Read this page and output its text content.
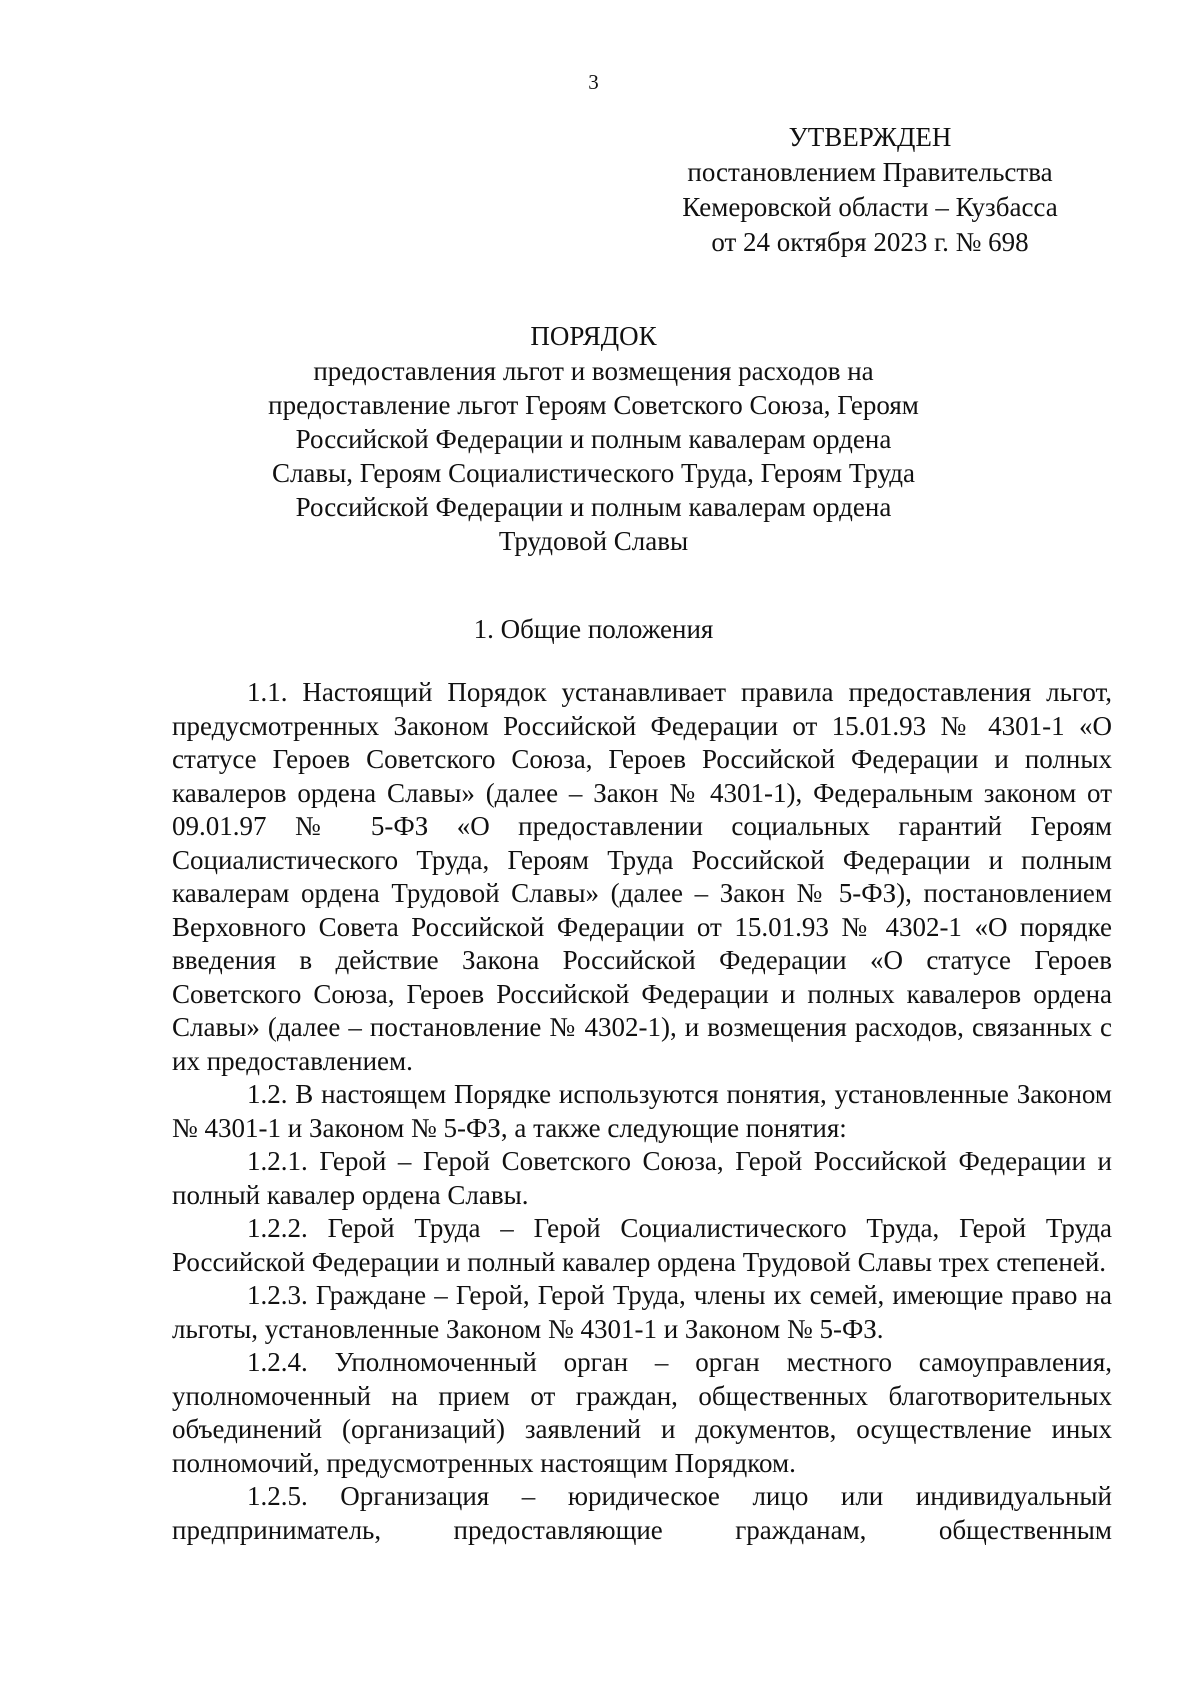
3
УТВЕРЖДЕН
постановлением Правительства
Кемеровской области – Кузбасса
от 24 октября 2023 г. № 698
ПОРЯДОК
предоставления льгот и возмещения расходов на
предоставление льгот Героям Советского Союза, Героям
Российской Федерации и полным кавалерам ордена
Славы, Героям Социалистического Труда, Героям Труда
Российской Федерации и полным кавалерам ордена
Трудовой Славы
1. Общие положения

1.1. Настоящий Порядок устанавливает правила предоставления льгот, предусмотренных Законом Российской Федерации от 15.01.93 № 4301-1 «О статусе Героев Советского Союза, Героев Российской Федерации и полных кавалеров ордена Славы» (далее – Закон № 4301-1), Федеральным законом от 09.01.97 № 5-ФЗ «О предоставлении социальных гарантий Героям Социалистического Труда, Героям Труда Российской Федерации и полным кавалерам ордена Трудовой Славы» (далее – Закон № 5-ФЗ), постановлением Верховного Совета Российской Федерации от 15.01.93 № 4302-1 «О порядке введения в действие Закона Российской Федерации «О статусе Героев Советского Союза, Героев Российской Федерации и полных кавалеров ордена Славы» (далее – постановление № 4302-1), и возмещения расходов, связанных с их предоставлением.

1.2. В настоящем Порядке используются понятия, установленные Законом № 4301-1 и Законом № 5-ФЗ, а также следующие понятия:

1.2.1. Герой – Герой Советского Союза, Герой Российской Федерации и полный кавалер ордена Славы.

1.2.2. Герой Труда – Герой Социалистического Труда, Герой Труда Российской Федерации и полный кавалер ордена Трудовой Славы трех степеней.

1.2.3. Граждане – Герой, Герой Труда, члены их семей, имеющие право на льготы, установленные Законом № 4301-1 и Законом № 5-ФЗ.

1.2.4. Уполномоченный орган – орган местного самоуправления, уполномоченный на прием от граждан, общественных благотворительных объединений (организаций) заявлений и документов, осуществление иных полномочий, предусмотренных настоящим Порядком.

1.2.5. Организация – юридическое лицо или индивидуальный предприниматель, предоставляющие гражданам, общественным
